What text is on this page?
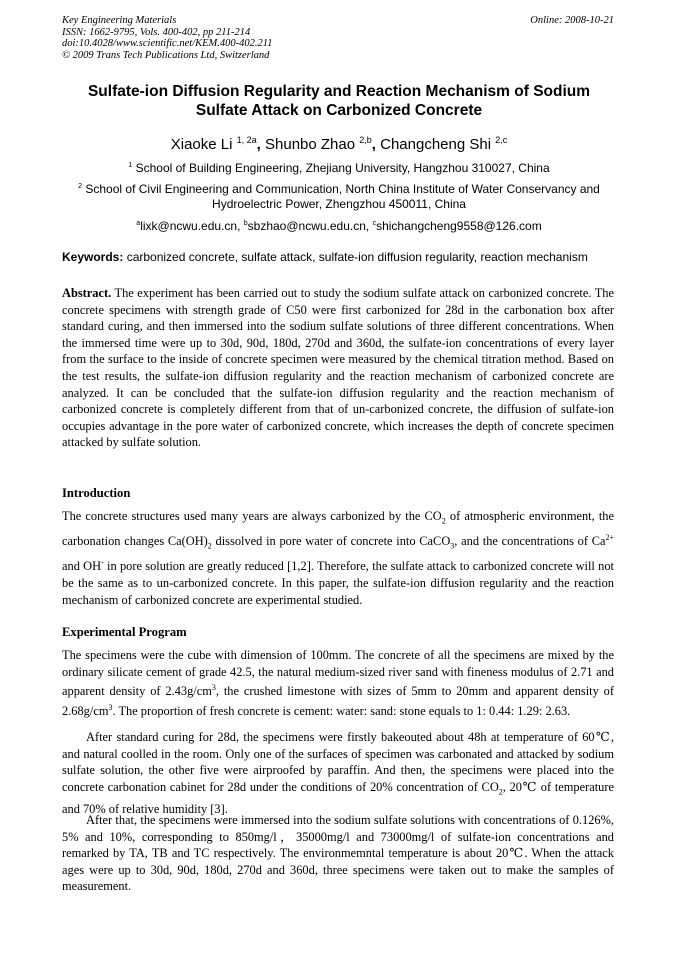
Key Engineering Materials
ISSN: 1662-9795, Vols. 400-402, pp 211-214
doi:10.4028/www.scientific.net/KEM.400-402.211
© 2009 Trans Tech Publications Ltd, Switzerland
Online: 2008-10-21
Sulfate-ion Diffusion Regularity and Reaction Mechanism of Sodium
Sulfate Attack on Carbonized Concrete
Xiaoke Li $^{1, 2a}$, Shunbo Zhao $^{2,b}$, Changcheng Shi $^{2,c}$
$^1$ School of Building Engineering, Zhejiang University, Hangzhou 310027, China
$^2$ School of Civil Engineering and Communication, North China Institute of Water Conservancy and
Hydroelectric Power, Zhengzhou 450011, China
$^a$lixk@ncwu.edu.cn, $^b$sbzhao@ncwu.edu.cn, $^c$shichangcheng9558@126.com
Keywords: carbonized concrete, sulfate attack, sulfate-ion diffusion regularity, reaction mechanism

Abstract. The experiment has been carried out to study the sodium sulfate attack on carbonized concrete. The concrete specimens with strength grade of C50 were first carbonized for 28d in the carbonation box after standard curing, and then immersed into the sodium sulfate solutions of three different concentrations. When the immersed time were up to 30d, 90d, 180d, 270d and 360d, the sulfate-ion concentrations of every layer from the surface to the inside of concrete specimen were measured by the chemical titration method. Based on the test results, the sulfate-ion diffusion regularity and the reaction mechanism of carbonized concrete are analyzed. It can be concluded that the sulfate-ion diffusion regularity and the reaction mechanism of carbonized concrete is completely different from that of un-carbonized concrete, the diffusion of sulfate-ion occupies advantage in the pore water of carbonized concrete, which increases the depth of concrete specimen attacked by sulfate solution.

Introduction

The concrete structures used many years are always carbonized by the $CO_2$ of atmospheric environment, the carbonation changes $Ca(OH)_2$ dissolved in pore water of concrete into CaCO$_3$, and the concentrations of $Ca^{2+}$ and OH- in pore solution are greatly reduced [1,2]. Therefore, the sulfate attack to carbonized concrete will not be the same as to un-carbonized concrete. In this paper, the sulfate-ion diffusion regularity and the reaction mechanism of carbonized concrete are experimental studied.

Experimental Program

The specimens were the cube with dimension of 100mm. The concrete of all the specimens are mixed by the ordinary silicate cement of grade 42.5, the natural medium-sized river sand with fineness modulus of 2.71 and apparent density of $2.43g/cm^3$, the crushed limestone with sizes of 5mm to 20mm and apparent density of $2.68g/cm^3$. The proportion of fresh concrete is cement: water: sand: stone equals to 1: 0.44: 1.29: 2.63.

After standard curing for 28d, the specimens were firstly bakeouted about 48h at temperature of 60℃, and natural coolled in the room. Only one of the surfaces of specimen was carbonated and attacked by sodium sulfate solution, the other five were airproofed by paraffin. And then, the specimens were placed into the concrete carbonation cabinet for 28d under the conditions of 20% concentration of $CO_2$, 20℃ of temperature and 70% of relative humidity [3].

After that, the specimens were immersed into the sodium sulfate solutions with concentrations of 0.126%, 5% and 10%, corresponding to 850mg/l，35000mg/l and 73000mg/l of sulfate-ion concentrations and remarked by TA, TB and TC respectively. The environmemntal temperature is about 20℃. When the attack ages were up to 30d, 90d, 180d, 270d and 360d, three specimens were taken out to make the samples of measurement.
